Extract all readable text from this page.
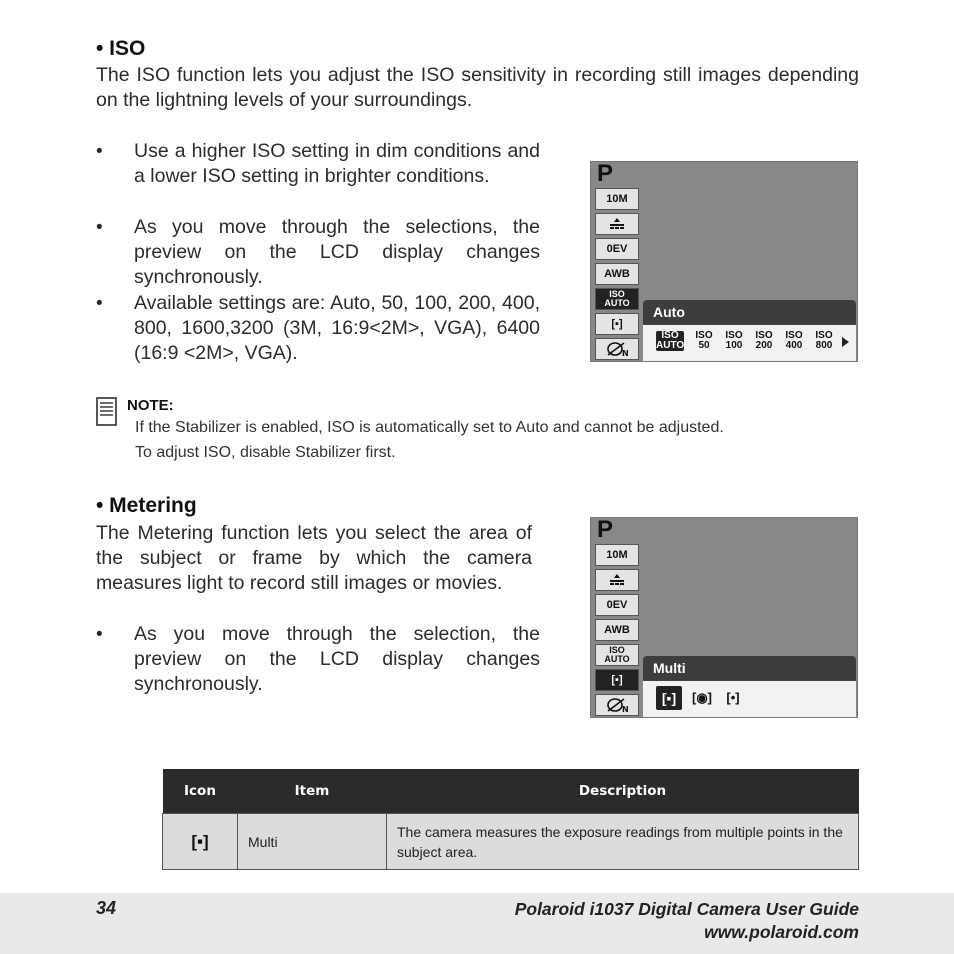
• ISO
The ISO function lets you adjust the ISO sensitivity in recording still images depending on the lightning levels of your surroundings.
•	Use a higher ISO setting in dim conditions and a lower ISO setting in brighter conditions.
•	As you move through the selections, the preview on the LCD display changes synchronously.
•	Available settings are: Auto, 50, 100, 200, 400, 800, 1600,3200 (3M, 16:9<2M>, VGA), 6400 (16:9 <2M>, VGA).
P
10M
0EV
AWB
ISO
AUTO
[▪]
N
Auto
ISO
AUTO
ISO
50
ISO
100
ISO
200
ISO
400
ISO
800
NOTE:
If the Stabilizer is enabled, ISO is automatically set to Auto and cannot be adjusted.
To adjust ISO, disable Stabilizer first.
• Metering
The Metering function lets you select the area of the subject or frame by which the camera measures light to record still images or movies.
•	As you move through the selection, the preview on the LCD display changes synchronously.
P
10M
0EV
AWB
ISO
AUTO
[▪]
N
Multi
[▪]	[◉]	[•]
Icon	Item	Description
[▪]	Multi	The camera measures the exposure readings from multiple points in the subject area.
34	Polaroid i1037 Digital Camera User Guide
www.polaroid.com
